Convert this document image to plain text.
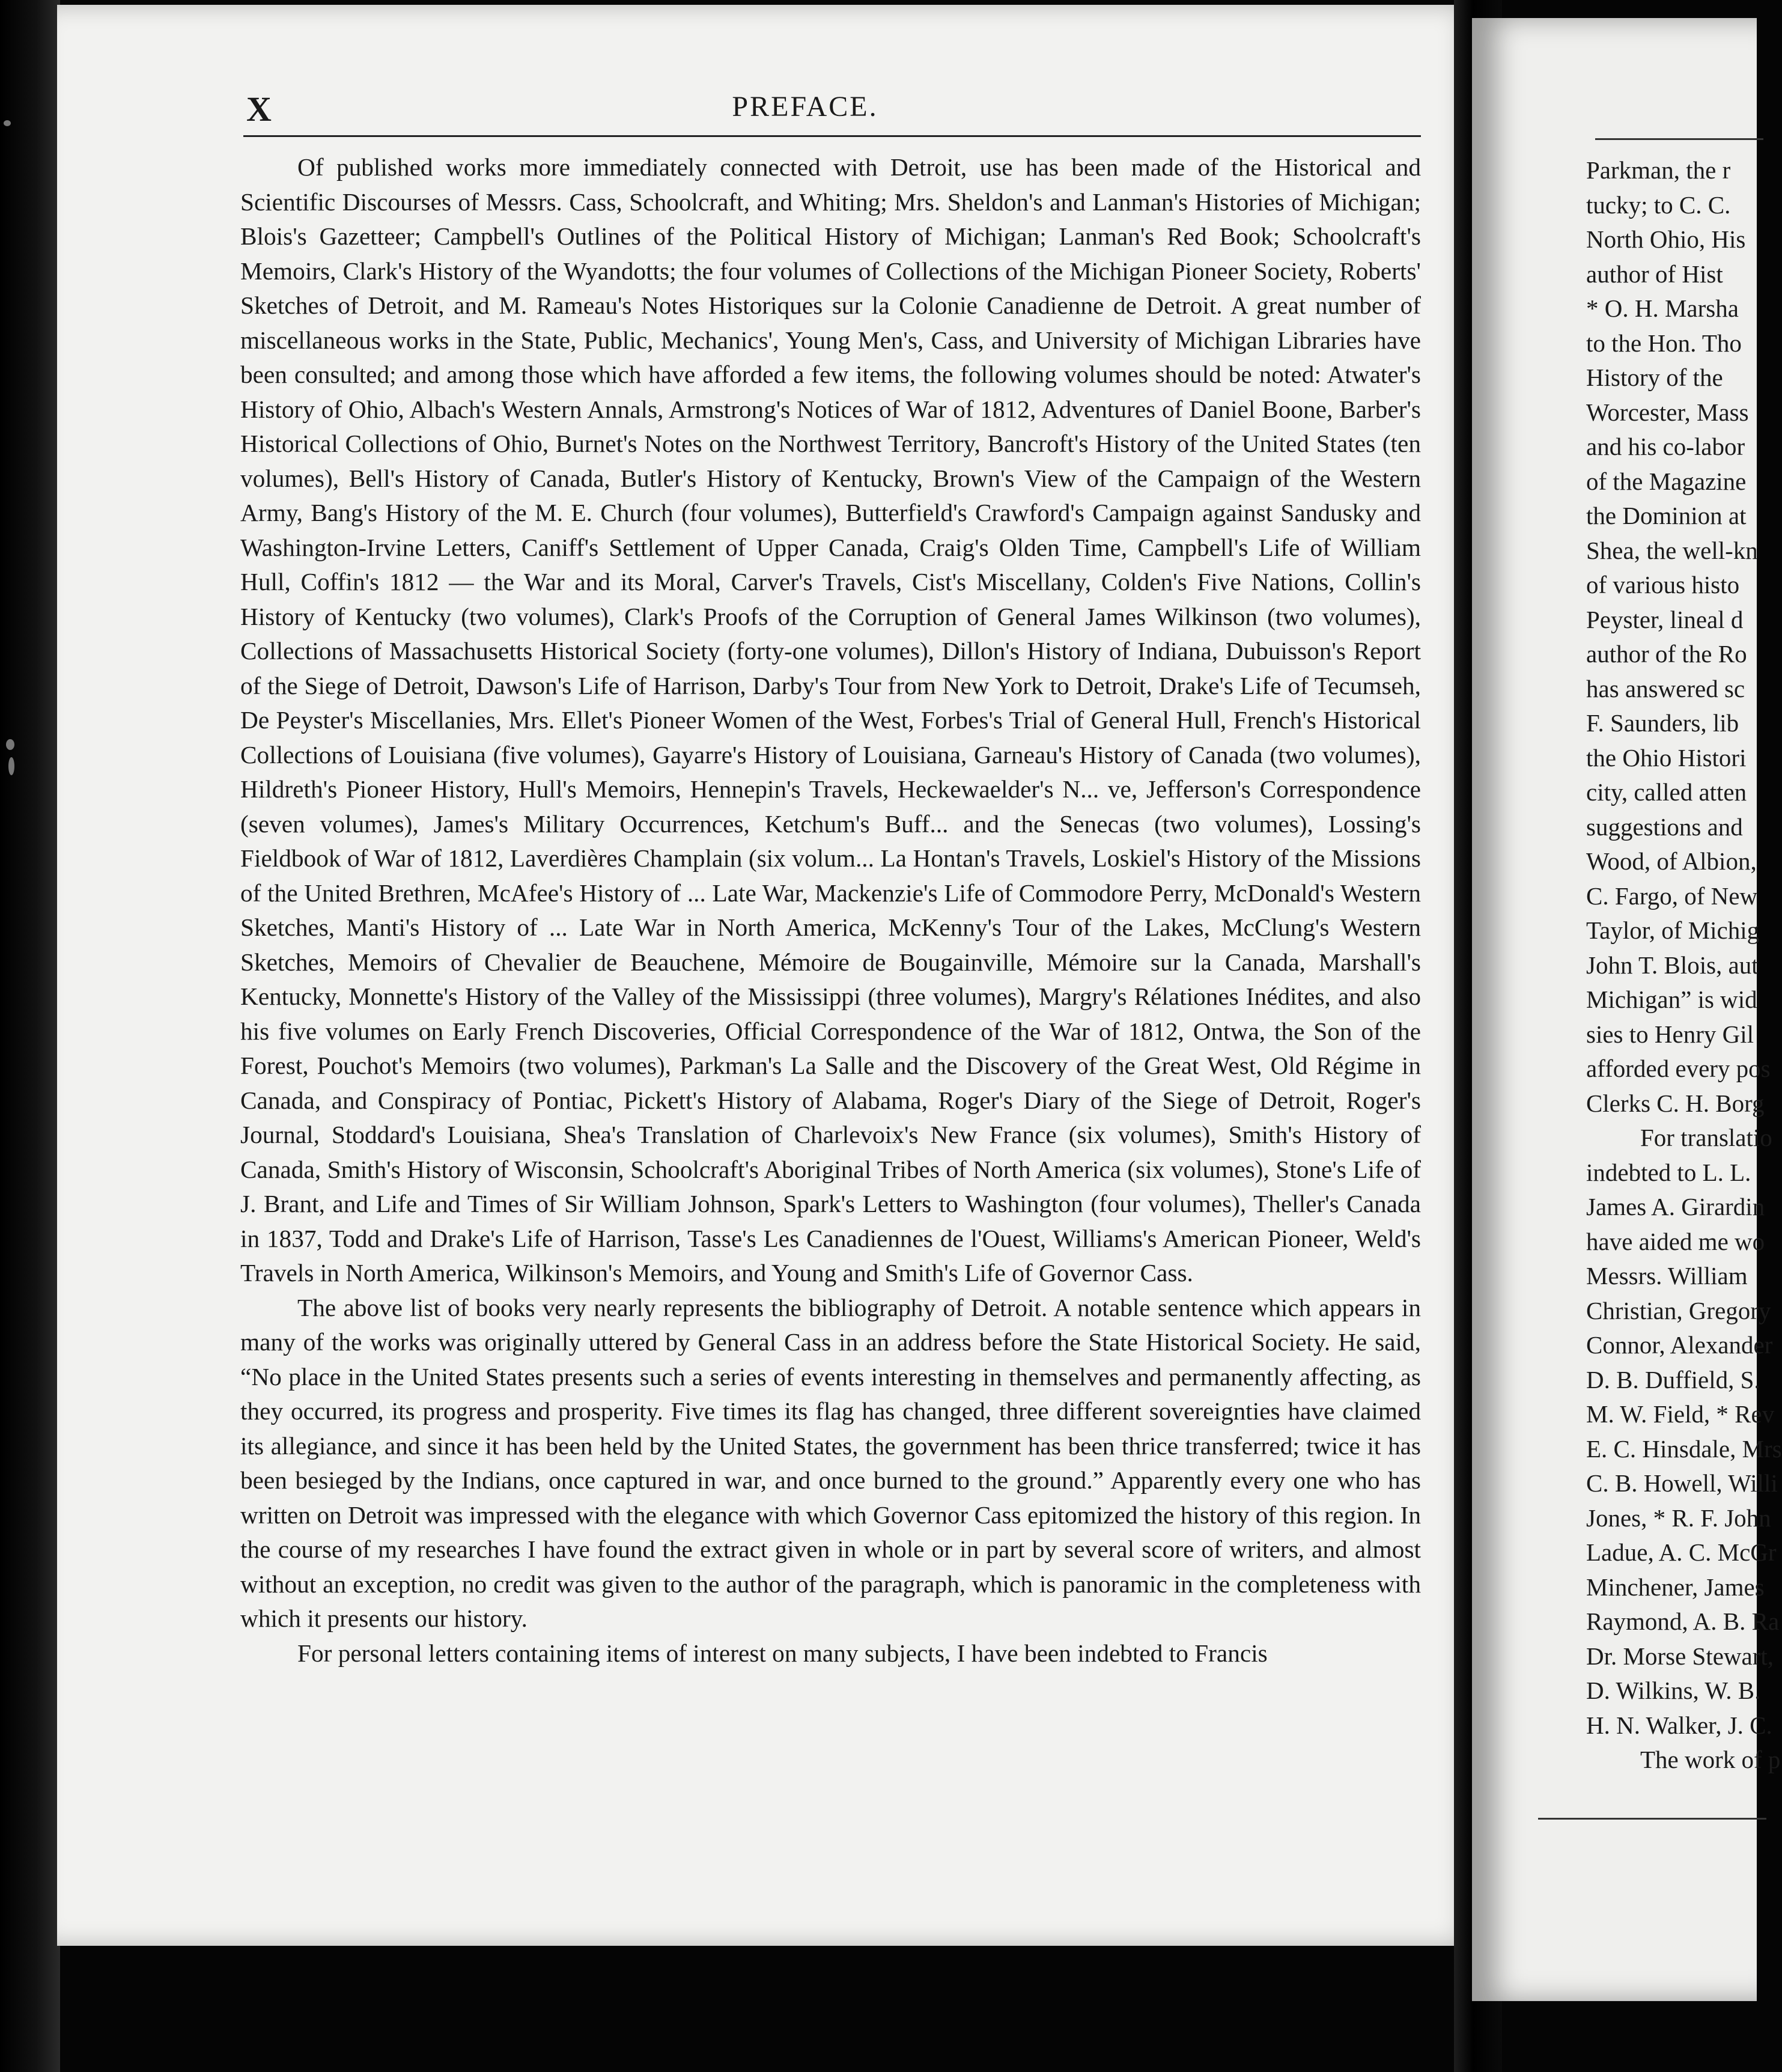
X	PREFACE.

Of published works more immediately connected with Detroit, use has been made of the Historical and Scientific Discourses of Messrs. Cass, Schoolcraft, and Whiting; Mrs. Sheldon's and Lanman's Histories of Michigan; Blois's Gazetteer; Campbell's Outlines of the Political History of Michigan; Lanman's Red Book; Schoolcraft's Memoirs, Clark's History of the Wyandotts; the four volumes of Collections of the Michigan Pioneer Society, Roberts' Sketches of Detroit, and M. Rameau's Notes Historiques sur la Colonie Canadienne de Detroit. A great number of miscellaneous works in the State, Public, Mechanics', Young Men's, Cass, and University of Michigan Libraries have been consulted; and among those which have afforded a few items, the following volumes should be noted: Atwater's History of Ohio, Albach's Western Annals, Armstrong's Notices of War of 1812, Adventures of Daniel Boone, Barber's Historical Collections of Ohio, Burnet's Notes on the Northwest Territory, Bancroft's History of the United States (ten volumes), Bell's History of Canada, Butler's History of Kentucky, Brown's View of the Campaign of the Western Army, Bang's History of the M. E. Church (four volumes), Butterfield's Crawford's Campaign against Sandusky and Washington-Irvine Letters, Caniff's Settlement of Upper Canada, Craig's Olden Time, Campbell's Life of William Hull, Coffin's 1812 — the War and its Moral, Carver's Travels, Cist's Miscellany, Colden's Five Nations, Collin's History of Kentucky (two volumes), Clark's Proofs of the Corruption of General James Wilkinson (two volumes), Collections of Massachusetts Historical Society (forty-one volumes), Dillon's History of Indiana, Dubuisson's Report of the Siege of Detroit, Dawson's Life of Harrison, Darby's Tour from New York to Detroit, Drake's Life of Tecumseh, De Peyster's Miscellanies, Mrs. Ellet's Pioneer Women of the West, Forbes's Trial of General Hull, French's Historical Collections of Louisiana (five volumes), Gayarre's History of Louisiana, Garneau's History of Canada (two volumes), Hildreth's Pioneer History, Hull's Memoirs, Hennepin's Travels, Heckewaelder's N... ve, Jefferson's Correspondence (seven volumes), James's Military Occurrences, Ketchum's Buff... and the Senecas (two volumes), Lossing's Fieldbook of War of 1812, Laverdières Champlain (six volum... La Hontan's Travels, Loskiel's History of the Missions of the United Brethren, McAfee's History of ... Late War, Mackenzie's Life of Commodore Perry, McDonald's Western Sketches, Manti's History of ... Late War in North America, McKenny's Tour of the Lakes, McClung's Western Sketches, Memoirs of Chevalier de Beauchene, Mémoire de Bougainville, Mémoire sur la Canada, Marshall's Kentucky, Monnette's History of the Valley of the Mississippi (three volumes), Margry's Rélationes Inédites, and also his five volumes on Early French Discoveries, Official Correspondence of the War of 1812, Ontwa, the Son of the Forest, Pouchot's Memoirs (two volumes), Parkman's La Salle and the Discovery of the Great West, Old Régime in Canada, and Conspiracy of Pontiac, Pickett's History of Alabama, Roger's Diary of the Siege of Detroit, Roger's Journal, Stoddard's Louisiana, Shea's Translation of Charlevoix's New France (six volumes), Smith's History of Canada, Smith's History of Wisconsin, Schoolcraft's Aboriginal Tribes of North America (six volumes), Stone's Life of J. Brant, and Life and Times of Sir William Johnson, Spark's Letters to Washington (four volumes), Theller's Canada in 1837, Todd and Drake's Life of Harrison, Tasse's Les Canadiennes de l'Ouest, Williams's American Pioneer, Weld's Travels in North America, Wilkinson's Memoirs, and Young and Smith's Life of Governor Cass.

The above list of books very nearly represents the bibliography of Detroit. A notable sentence which appears in many of the works was originally uttered by General Cass in an address before the State Historical Society. He said, “No place in the United States presents such a series of events interesting in themselves and permanently affecting, as they occurred, its progress and prosperity. Five times its flag has changed, three different sovereignties have claimed its allegiance, and since it has been held by the United States, the government has been thrice transferred; twice it has been besieged by the Indians, once captured in war, and once burned to the ground.” Apparently every one who has written on Detroit was impressed with the elegance with which Governor Cass epitomized the history of this region. In the course of my researches I have found the extract given in whole or in part by several score of writers, and almost without an exception, no credit was given to the author of the paragraph, which is panoramic in the completeness with which it presents our history.

For personal letters containing items of interest on many subjects, I have been indebted to Francis

Parkman, the r
tucky; to C. C.
North Ohio, His
author of Hist
* O. H. Marsha
to the Hon. Tho
History of the
Worcester, Mass
and his co-labor
of the Magazine
the Dominion at
Shea, the well-kn
of various histo
Peyster, lineal d
author of the Ro
has answered sc
F. Saunders, lib
the Ohio Histori
city, called atten
suggestions and
Wood, of Albion,
C. Fargo, of New
Taylor, of Michig
John T. Blois, aut
Michigan” is wid
sies to Henry Gil
afforded every pos
Clerks C. H. Borg
For translatio
indebted to L. L.
James A. Girardin
have aided me wo
Messrs. William
Christian, Gregory
Connor, Alexander
D. B. Duffield, S.
M. W. Field, * Rev
E. C. Hinsdale, Mrs
C. B. Howell, Willi
Jones, * R. F. John
Ladue, A. C. McGr
Minchener, James
Raymond, A. B. Ra
Dr. Morse Stewart,
D. Wilkins, W. B.
H. N. Walker, J. C.
The work of p
